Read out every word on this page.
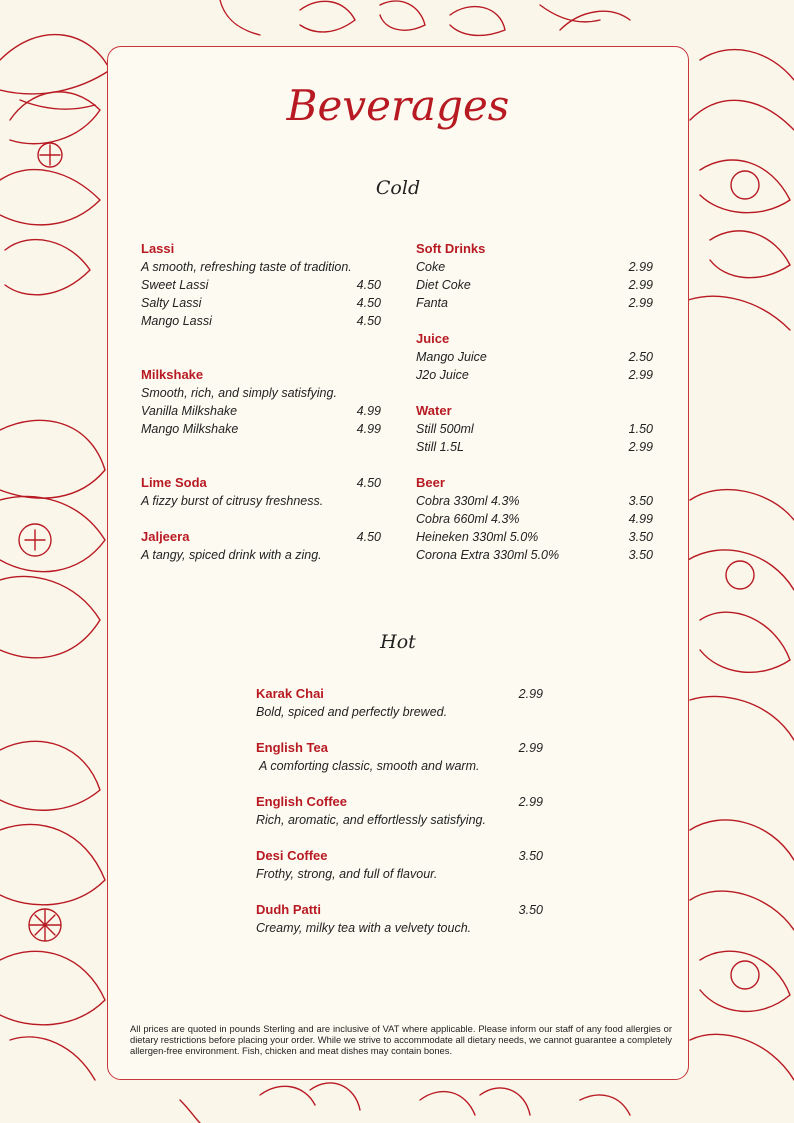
Beverages
Cold
Lassi
A smooth, refreshing taste of tradition.
Sweet Lassi	4.50
Salty Lassi	4.50
Mango Lassi	4.50
Milkshake
Smooth, rich, and simply satisfying.
Vanilla Milkshake	4.99
Mango Milkshake	4.99
Lime Soda	4.50
A fizzy burst of citrusy freshness.
Jaljeera	4.50
A tangy, spiced drink with a zing.
Soft Drinks
Coke	2.99
Diet Coke	2.99
Fanta	2.99
Juice
Mango Juice	2.50
J2o Juice	2.99
Water
Still 500ml	1.50
Still 1.5L	2.99
Beer
Cobra 330ml 4.3%	3.50
Cobra 660ml 4.3%	4.99
Heineken 330ml 5.0%	3.50
Corona Extra 330ml 5.0%	3.50
Hot
Karak Chai	2.99
Bold, spiced and perfectly brewed.
English Tea	2.99
A comforting classic, smooth and warm.
English Coffee	2.99
Rich, aromatic, and effortlessly satisfying.
Desi Coffee	3.50
Frothy, strong, and full of flavour.
Dudh Patti	3.50
Creamy, milky tea with a velvety touch.
All prices are quoted in pounds Sterling and are inclusive of VAT where applicable. Please inform our staff of any food allergies or dietary restrictions before placing your order. While we strive to accommodate all dietary needs, we cannot guarantee a completely allergen-free environment. Fish, chicken and meat dishes may contain bones.
